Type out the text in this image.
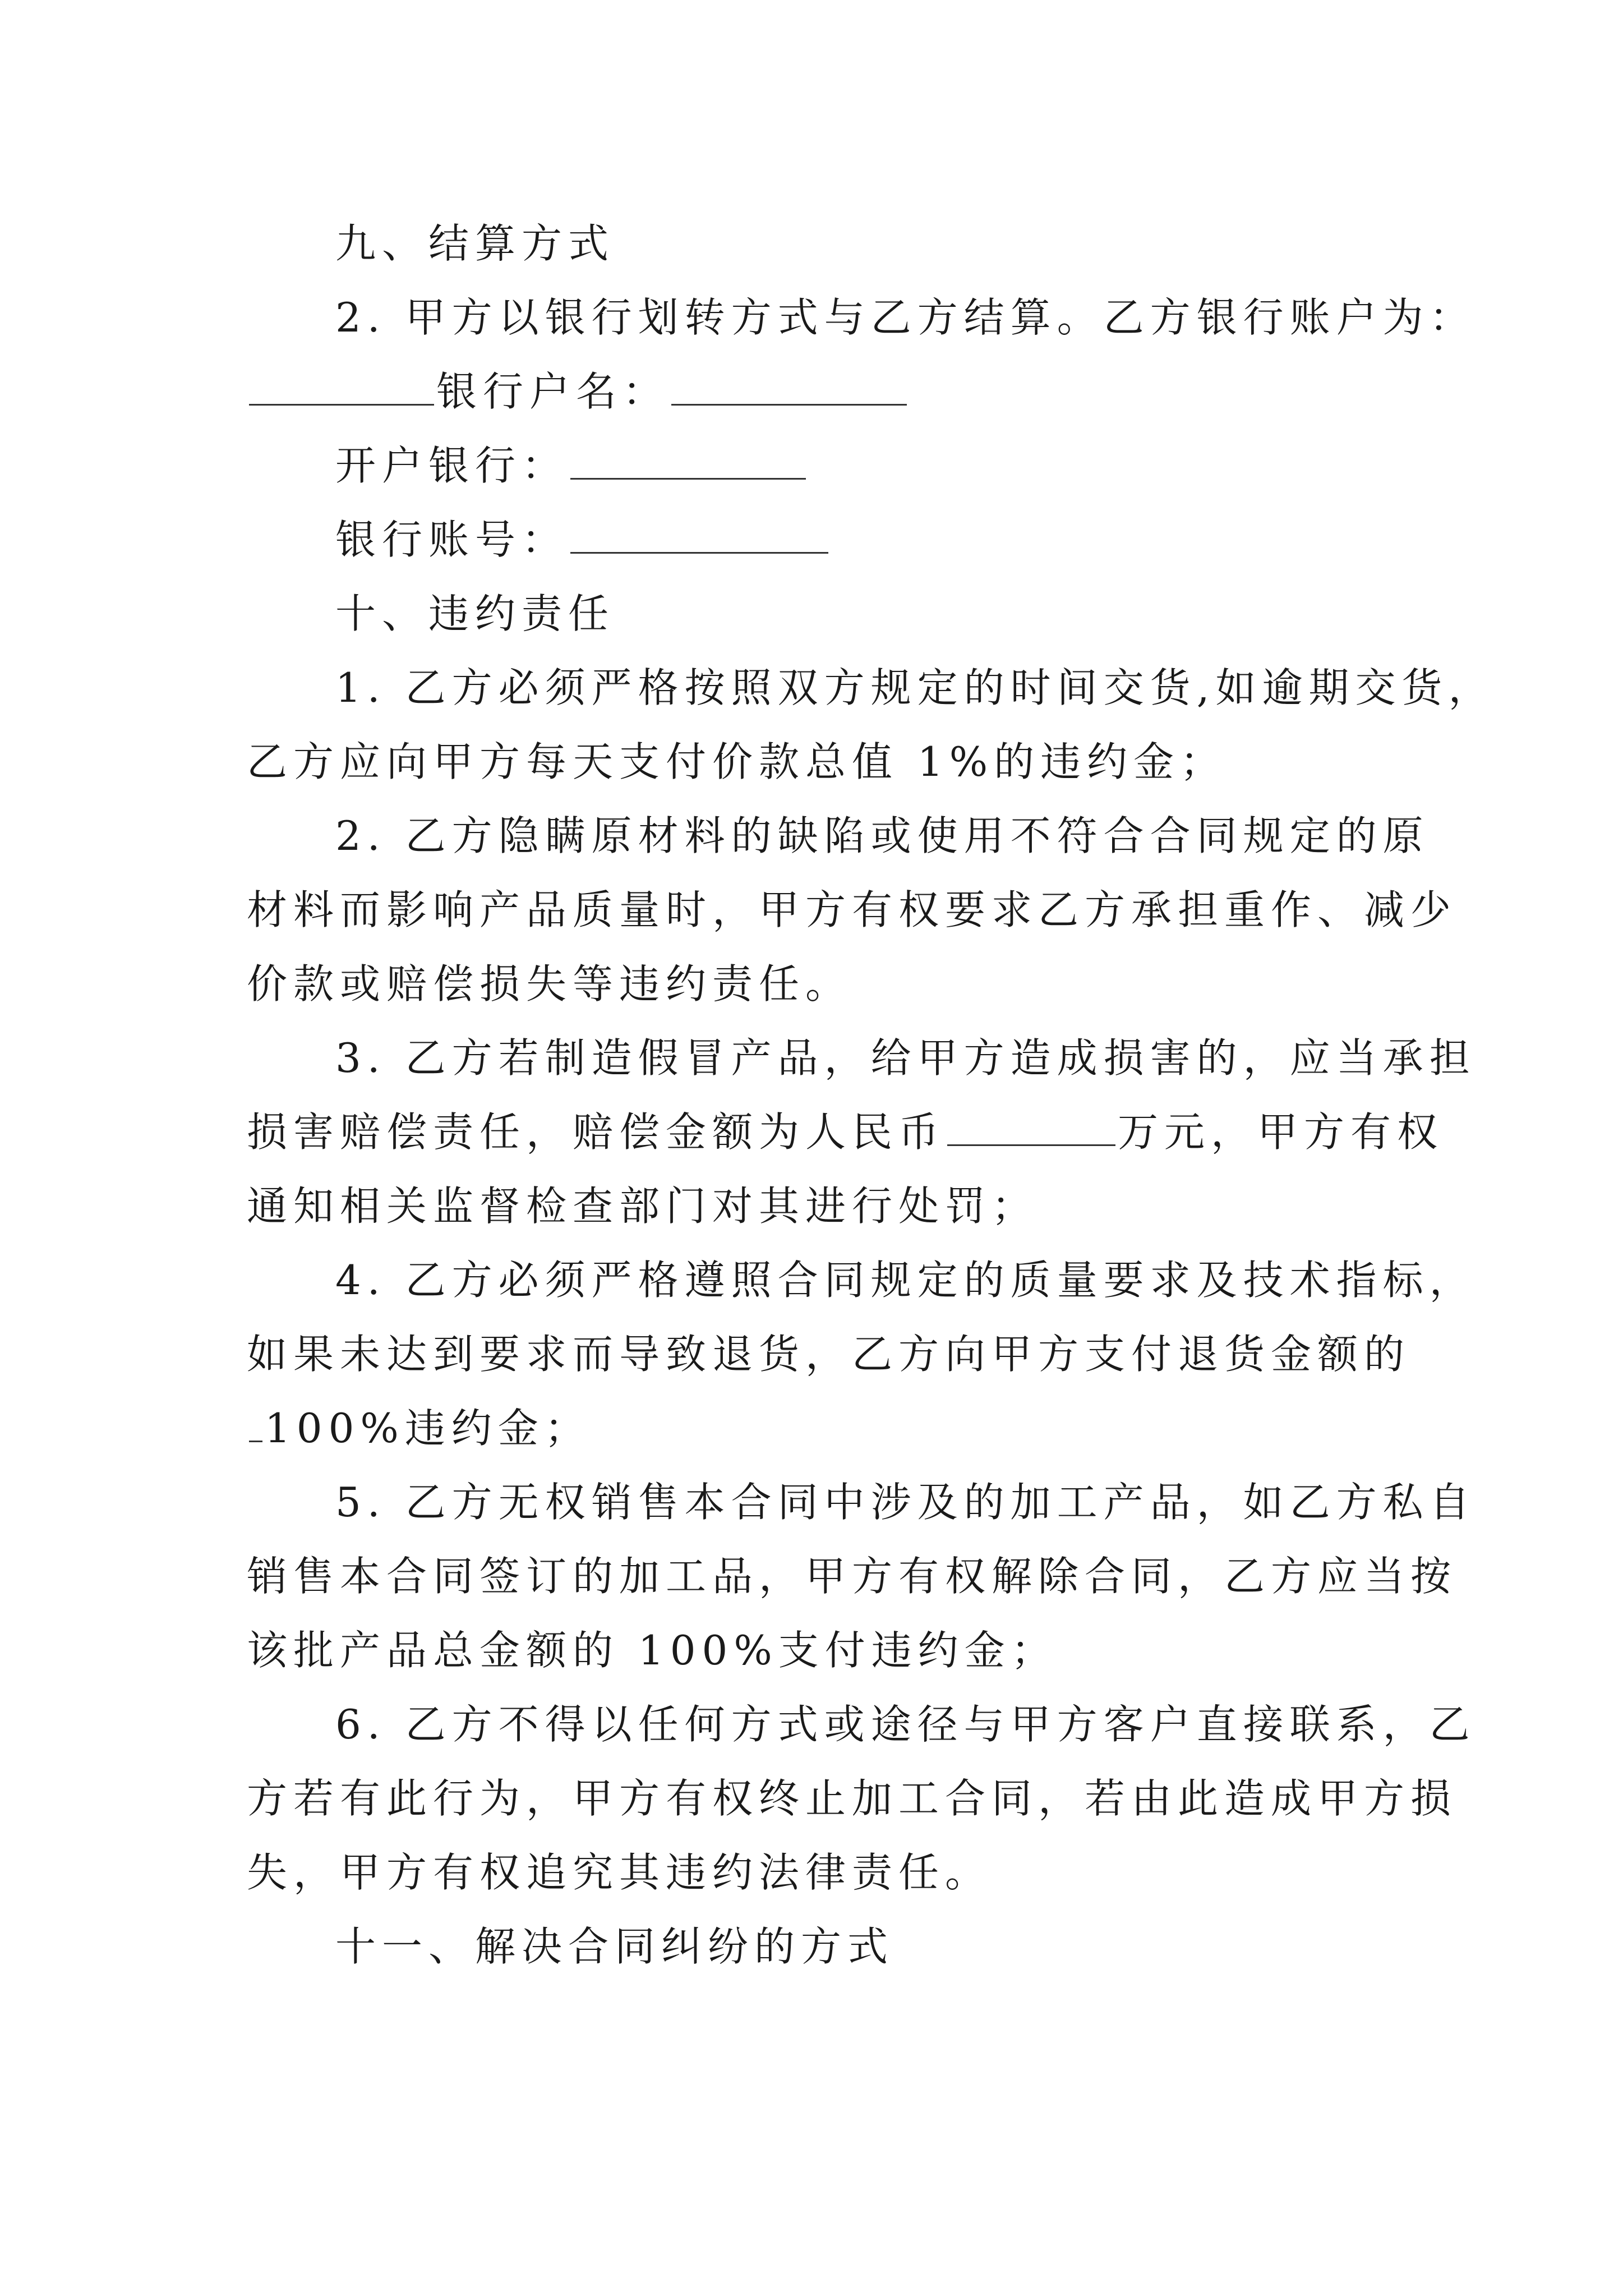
九、结算方式
2. 甲方以银行划转方式与乙方结算。乙方银行账户为：
银行户名：
开户银行：
银行账号：
十、违约责任
1. 乙方必须严格按照双方规定的时间交货,如逾期交货，
乙方应向甲方每天支付价款总值 1%的违约金；
2. 乙方隐瞒原材料的缺陷或使用不符合合同规定的原
材料而影响产品质量时，甲方有权要求乙方承担重作、减少
价款或赔偿损失等违约责任。
3. 乙方若制造假冒产品，给甲方造成损害的，应当承担
损害赔偿责任，赔偿金额为人民币	万元，甲方有权
通知相关监督检查部门对其进行处罚；
4. 乙方必须严格遵照合同规定的质量要求及技术指标，
如果未达到要求而导致退货，乙方向甲方支付退货金额的
100%违约金；
5. 乙方无权销售本合同中涉及的加工产品，如乙方私自
销售本合同签订的加工品，甲方有权解除合同，乙方应当按
该批产品总金额的 100%支付违约金；
6. 乙方不得以任何方式或途径与甲方客户直接联系，乙
方若有此行为，甲方有权终止加工合同，若由此造成甲方损
失，甲方有权追究其违约法律责任。
十一、解决合同纠纷的方式
